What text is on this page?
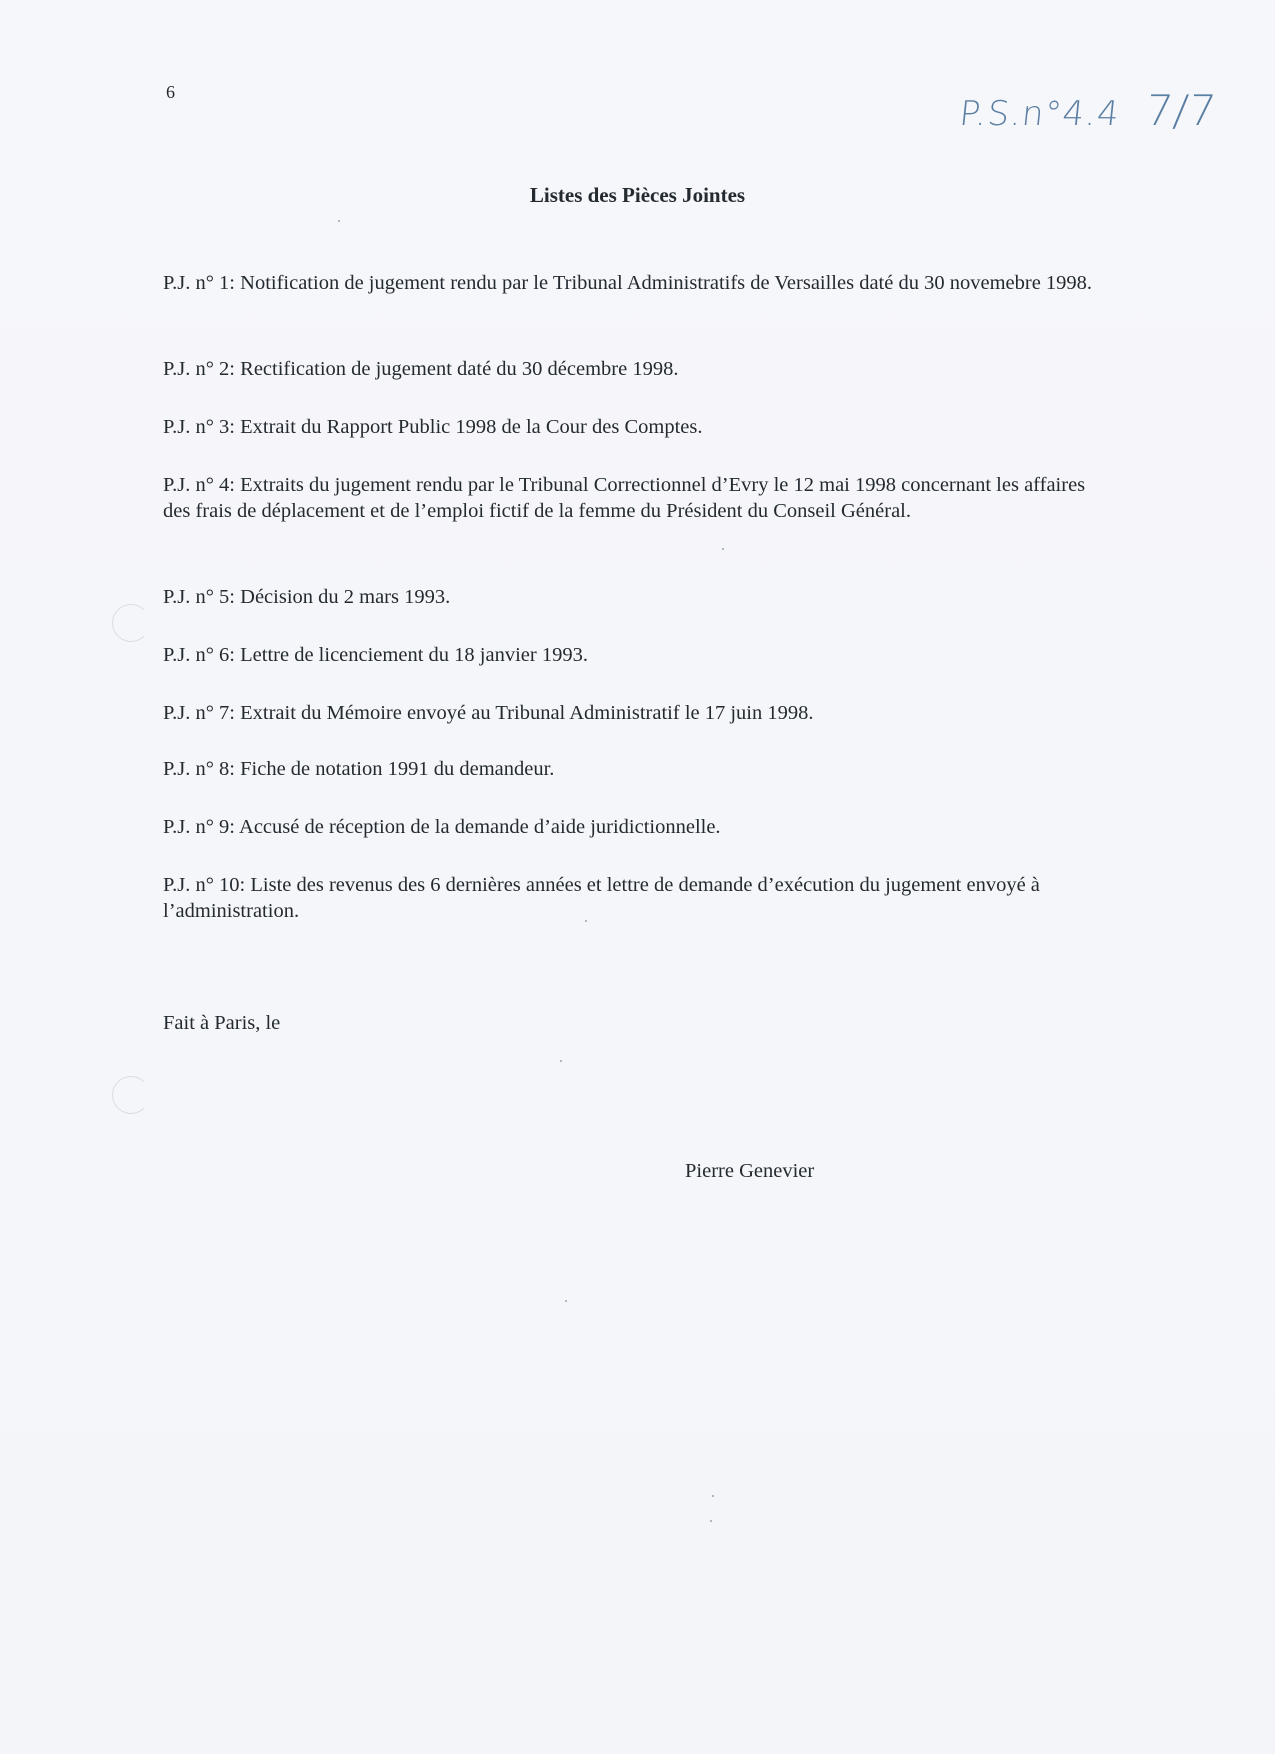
6
P.S.n°4.4 7/7
Listes des Pièces Jointes
P.J. n° 1: Notification de jugement rendu par le Tribunal Administratifs de Versailles daté du 30 novemebre 1998.
P.J. n° 2: Rectification de jugement daté du 30 décembre 1998.
P.J. n° 3: Extrait du Rapport Public 1998 de la Cour des Comptes.
P.J. n° 4: Extraits du jugement rendu par le Tribunal Correctionnel d’Evry le 12 mai 1998 concernant les affaires des frais de déplacement et de l’emploi fictif de la femme du Président du Conseil Général.
P.J. n° 5: Décision du 2 mars 1993.
P.J. n° 6: Lettre de licenciement du 18 janvier 1993.
P.J. n° 7: Extrait du Mémoire envoyé au Tribunal Administratif le 17 juin 1998.
P.J. n° 8: Fiche de notation 1991 du demandeur.
P.J. n° 9: Accusé de réception de la demande d’aide juridictionnelle.
P.J. n° 10: Liste des revenus des 6 dernières années et lettre de demande d’exécution du jugement envoyé à l’administration.
Fait à Paris, le
Pierre Genevier
